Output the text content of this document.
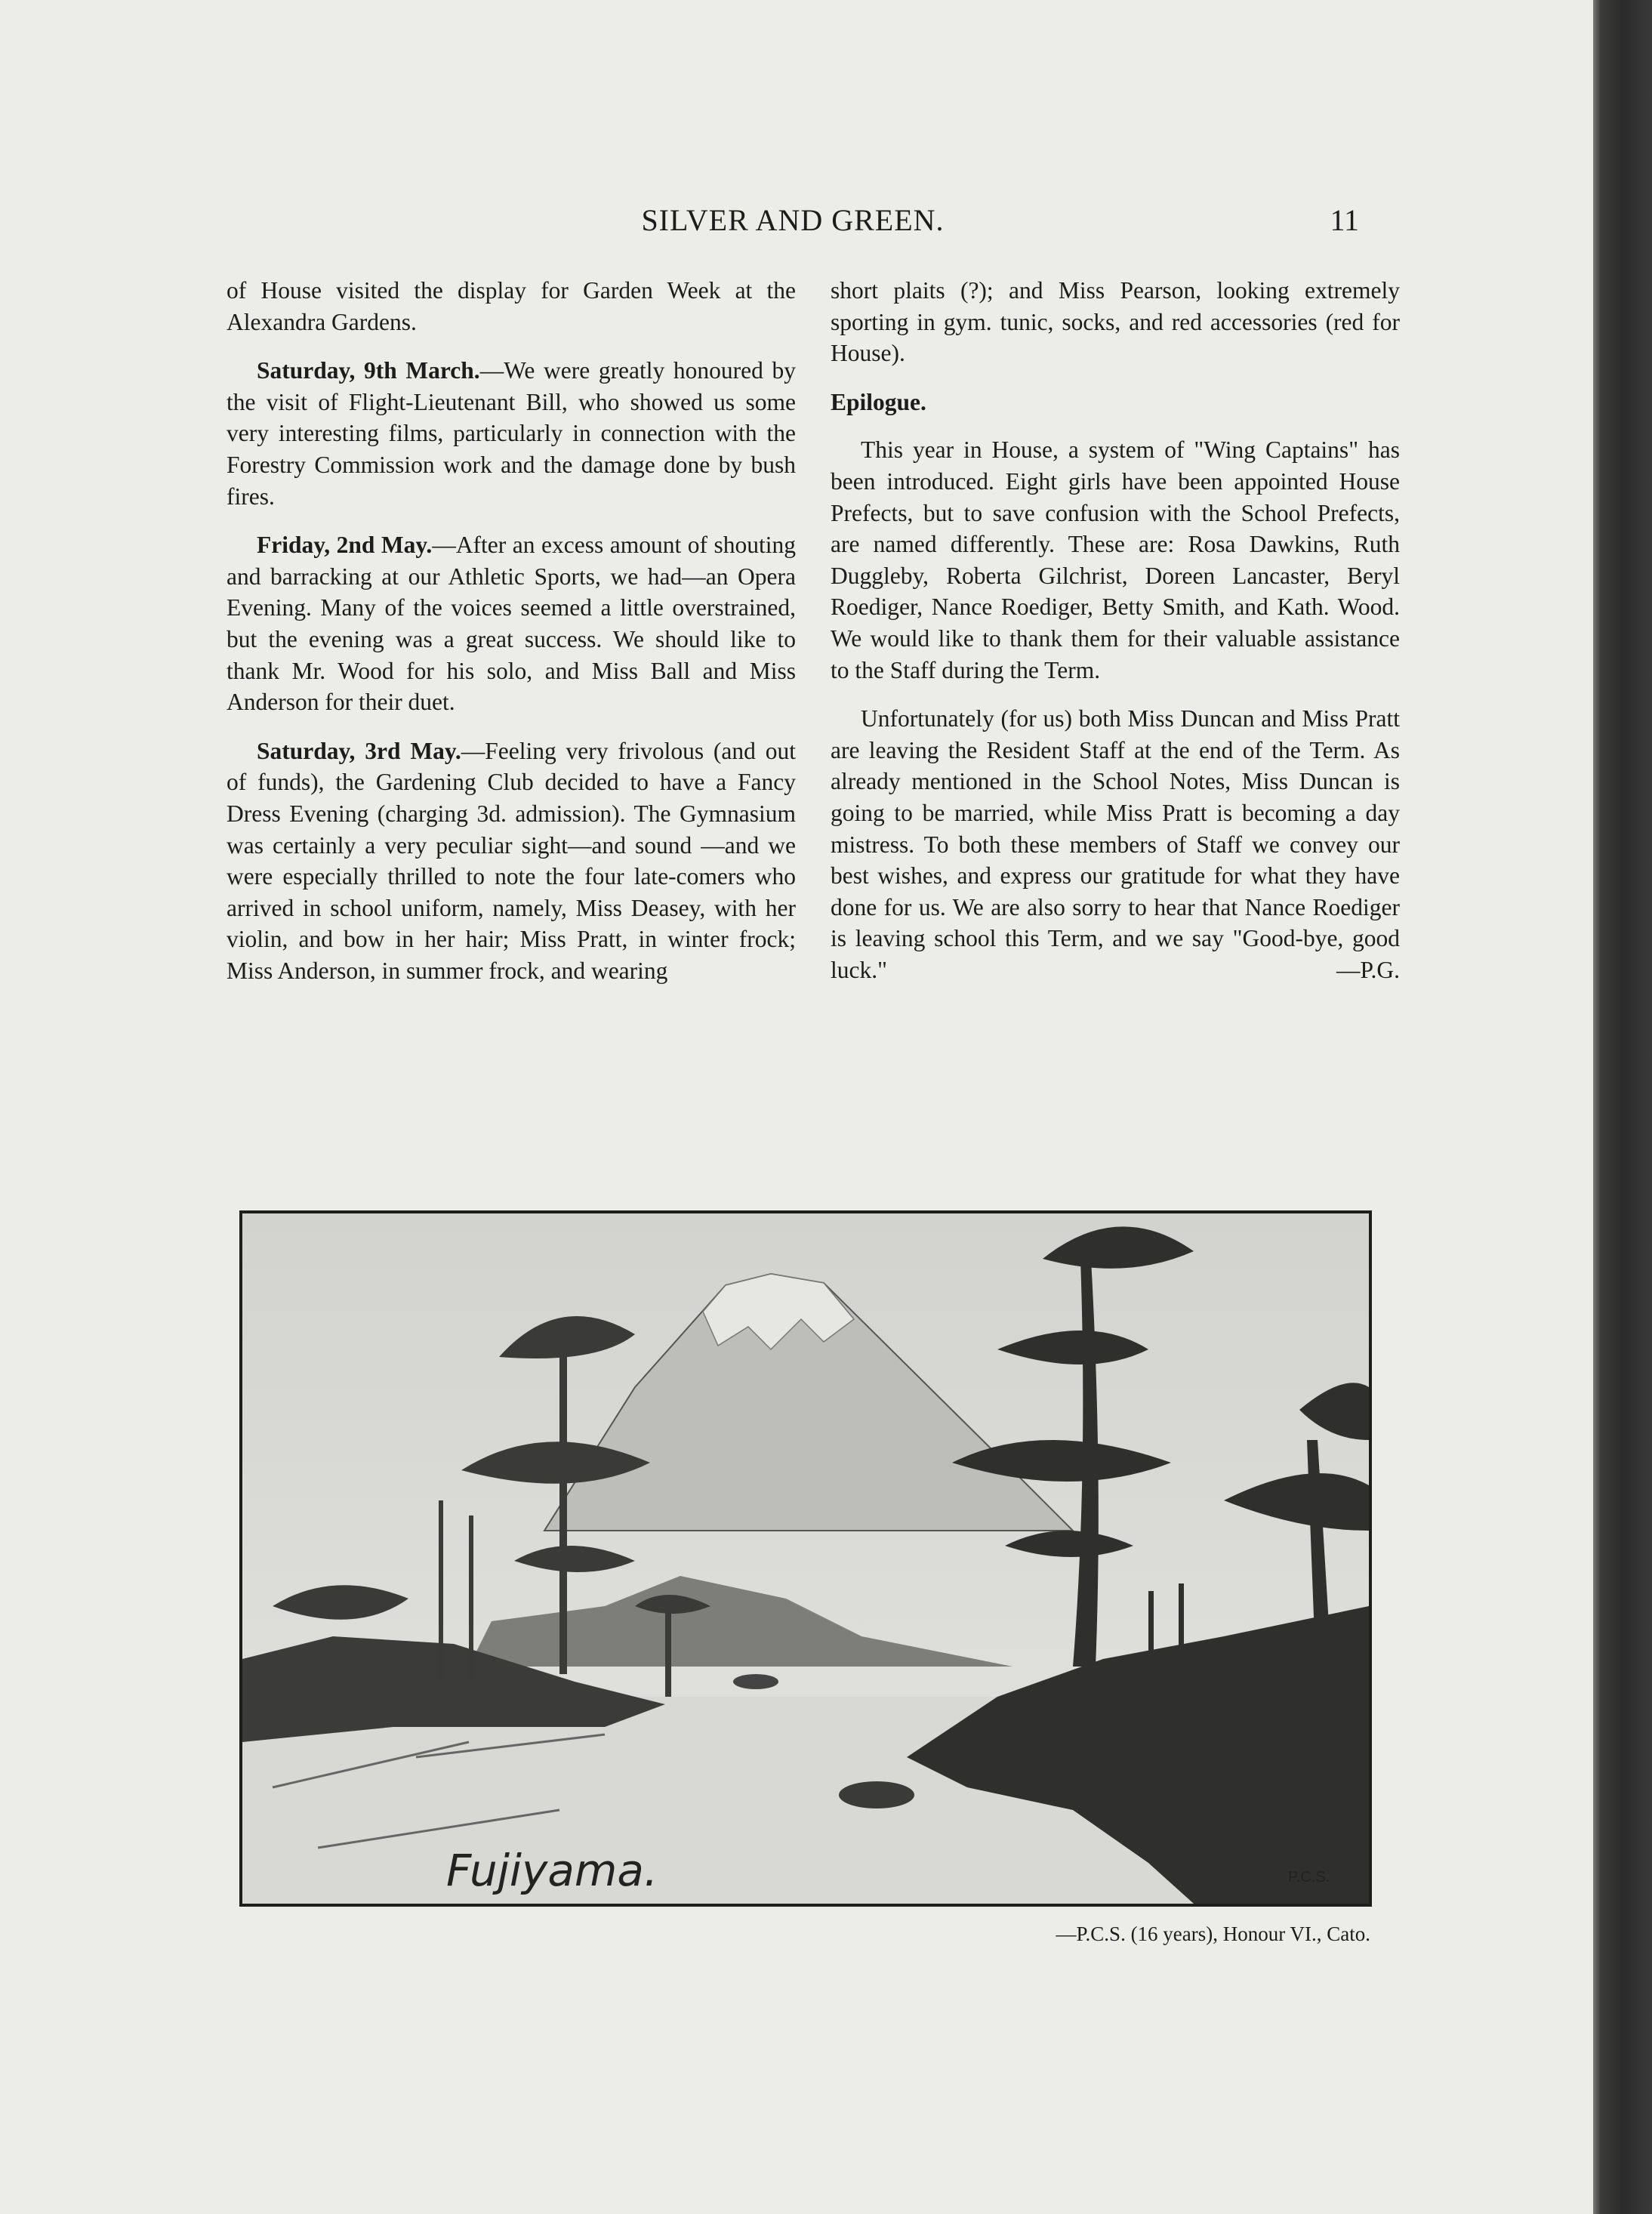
SILVER AND GREEN.	11

of House visited the display for Garden Week at the Alexandra Gardens.

Saturday, 9th March.—We were greatly honoured by the visit of Flight-Lieutenant Bill, who showed us some very interesting films, particularly in connection with the Forestry Commission work and the damage done by bush fires.

Friday, 2nd May.—After an excess amount of shouting and barracking at our Athletic Sports, we had—an Opera Evening. Many of the voices seemed a little overstrained, but the evening was a great success. We should like to thank Mr. Wood for his solo, and Miss Ball and Miss Anderson for their duet.

Saturday, 3rd May.—Feeling very frivolous (and out of funds), the Gardening Club decided to have a Fancy Dress Evening (charging 3d. admission). The Gymnasium was certainly a very peculiar sight—and sound —and we were especially thrilled to note the four late-comers who arrived in school uniform, namely, Miss Deasey, with her violin, and bow in her hair; Miss Pratt, in winter frock; Miss Anderson, in summer frock, and wearing

short plaits (?); and Miss Pearson, looking extremely sporting in gym. tunic, socks, and red accessories (red for House).

Epilogue.

This year in House, a system of "Wing Captains" has been introduced. Eight girls have been appointed House Prefects, but to save confusion with the School Prefects, are named differently. These are: Rosa Dawkins, Ruth Duggleby, Roberta Gilchrist, Doreen Lancaster, Beryl Roediger, Nance Roediger, Betty Smith, and Kath. Wood. We would like to thank them for their valuable assistance to the Staff during the Term.

Unfortunately (for us) both Miss Duncan and Miss Pratt are leaving the Resident Staff at the end of the Term. As already mentioned in the School Notes, Miss Duncan is going to be married, while Miss Pratt is becoming a day mistress. To both these members of Staff we convey our best wishes, and express our gratitude for what they have done for us. We are also sorry to hear that Nance Roediger is leaving school this Term, and we say "Good-bye, good luck."	—P.G.

Fujiyama.	P.C.S.
—P.C.S. (16 years), Honour VI., Cato.
